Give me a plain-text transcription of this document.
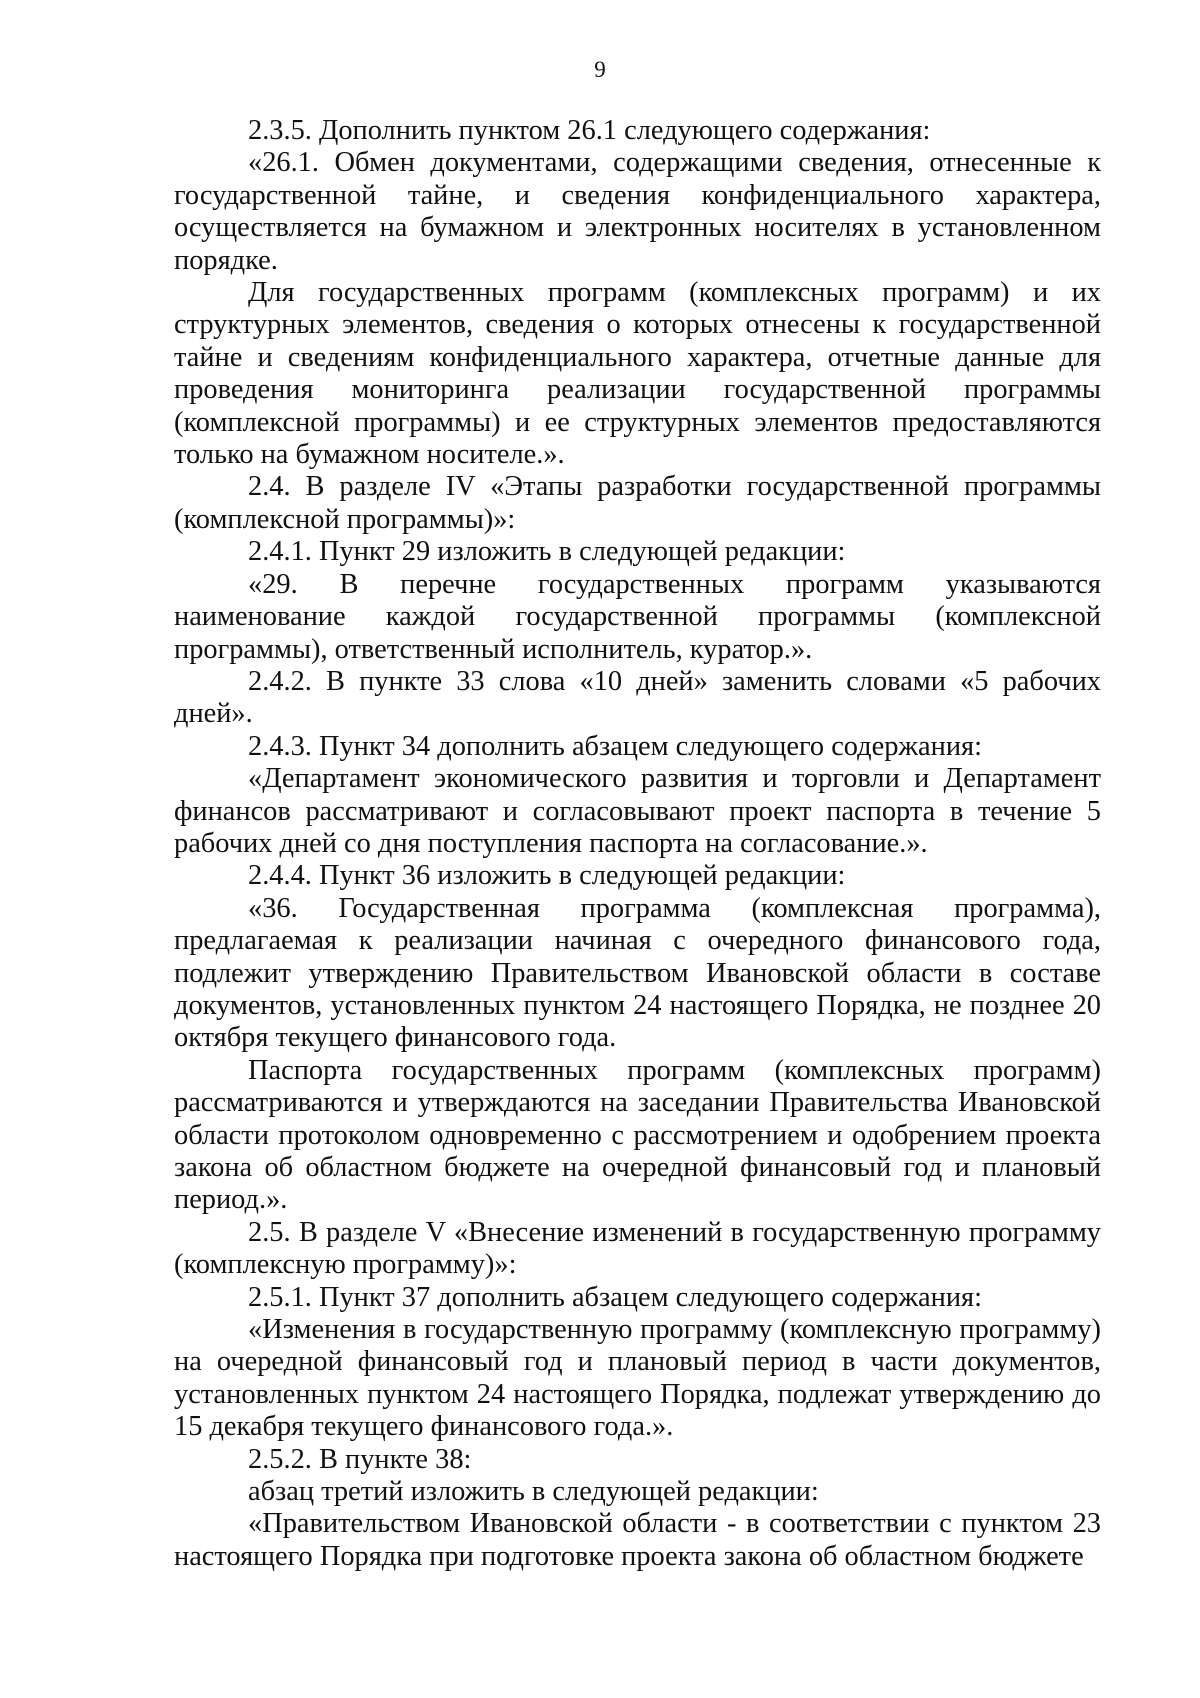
9

2.3.5. Дополнить пунктом 26.1 следующего содержания:

«26.1. Обмен документами, содержащими сведения, отнесенные к государственной тайне, и сведения конфиденциального характера, осуществляется на бумажном и электронных носителях в установленном порядке.

Для государственных программ (комплексных программ) и их структурных элементов, сведения о которых отнесены к государственной тайне и сведениям конфиденциального характера, отчетные данные для проведения мониторинга реализации государственной программы (комплексной программы) и ее структурных элементов предоставляются только на бумажном носителе.».

2.4. В разделе IV «Этапы разработки государственной программы (комплексной программы)»:

2.4.1. Пункт 29 изложить в следующей редакции:

«29. В перечне государственных программ указываются наименование каждой государственной программы (комплексной программы), ответственный исполнитель, куратор.».

2.4.2. В пункте 33 слова «10 дней» заменить словами «5 рабочих дней».

2.4.3. Пункт 34 дополнить абзацем следующего содержания:

«Департамент экономического развития и торговли и Департамент финансов рассматривают и согласовывают проект паспорта в течение 5 рабочих дней со дня поступления паспорта на согласование.».

2.4.4. Пункт 36 изложить в следующей редакции:

«36. Государственная программа (комплексная программа), предлагаемая к реализации начиная с очередного финансового года, подлежит утверждению Правительством Ивановской области в составе документов, установленных пунктом 24 настоящего Порядка, не позднее 20 октября текущего финансового года.

Паспорта государственных программ (комплексных программ) рассматриваются и утверждаются на заседании Правительства Ивановской области протоколом одновременно с рассмотрением и одобрением проекта закона об областном бюджете на очередной финансовый год и плановый период.».

2.5. В разделе V «Внесение изменений в государственную программу (комплексную программу)»:

2.5.1. Пункт 37 дополнить абзацем следующего содержания:

«Изменения в государственную программу (комплексную программу) на очередной финансовый год и плановый период в части документов, установленных пунктом 24 настоящего Порядка, подлежат утверждению до 15 декабря текущего финансового года.».

2.5.2. В пункте 38:

абзац третий изложить в следующей редакции:

«Правительством Ивановской области - в соответствии с пунктом 23 настоящего Порядка при подготовке проекта закона об областном бюджете
